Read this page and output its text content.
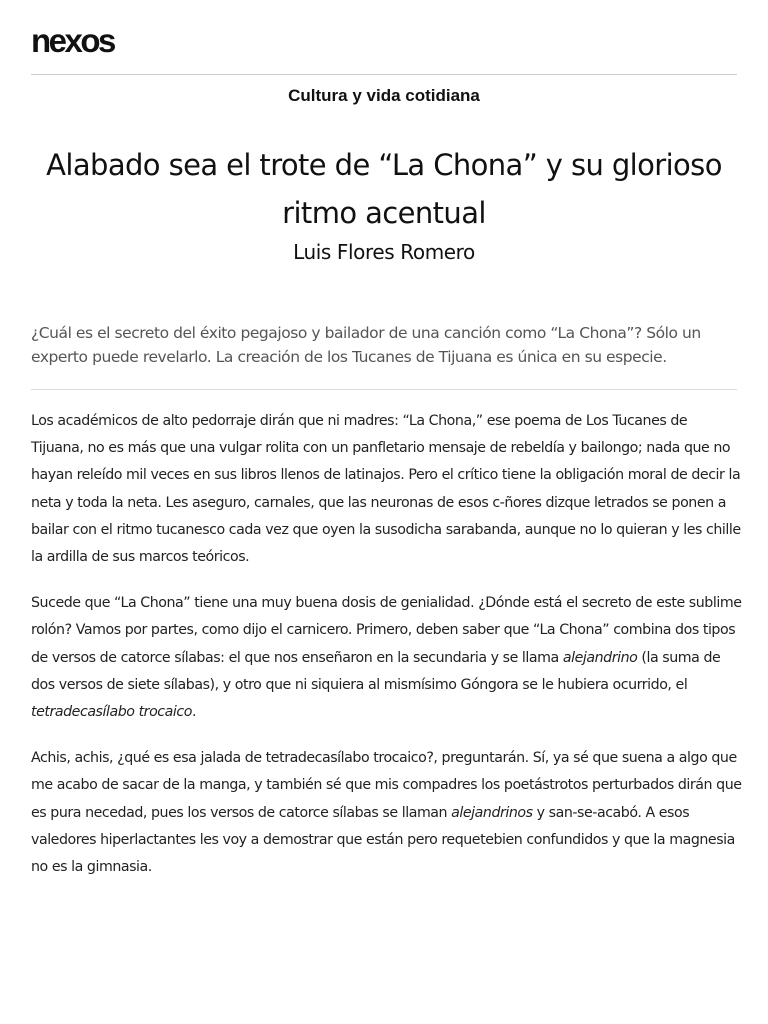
nexos
Cultura y vida cotidiana
Alabado sea el trote de “La Chona” y su glorioso ritmo acentual
Luis Flores Romero

¿Cuál es el secreto del éxito pegajoso y bailador de una canción como “La Chona”? Sólo un experto puede revelarlo. La creación de los Tucanes de Tijuana es única en su especie.

Los académicos de alto pedorraje dirán que ni madres: “La Chona,” ese poema de Los Tucanes de Tijuana, no es más que una vulgar rolita con un panfletario mensaje de rebeldía y bailongo; nada que no hayan releído mil veces en sus libros llenos de latinajos. Pero el crítico tiene la obligación moral de decir la neta y toda la neta. Les aseguro, carnales, que las neuronas de esos c-ñores dizque letrados se ponen a bailar con el ritmo tucanesco cada vez que oyen la susodicha sarabanda, aunque no lo quieran y les chille la ardilla de sus marcos teóricos.

Sucede que “La Chona” tiene una muy buena dosis de genialidad. ¿Dónde está el secreto de este sublime rolón? Vamos por partes, como dijo el carnicero. Primero, deben saber que “La Chona” combina dos tipos de versos de catorce sílabas: el que nos enseñaron en la secundaria y se llama alejandrino (la suma de dos versos de siete sílabas), y otro que ni siquiera al mismísimo Góngora se le hubiera ocurrido, el tetradecasílabo trocaico.

Achis, achis, ¿qué es esa jalada de tetradecasílabo trocaico?, preguntarán. Sí, ya sé que suena a algo que me acabo de sacar de la manga, y también sé que mis compadres los poetástrotos perturbados dirán que es pura necedad, pues los versos de catorce sílabas se llaman alejandrinos y san-se-acabó. A esos valedores hiperlactantes les voy a demostrar que están pero requetebien confundidos y que la magnesia no es la gimnasia.
